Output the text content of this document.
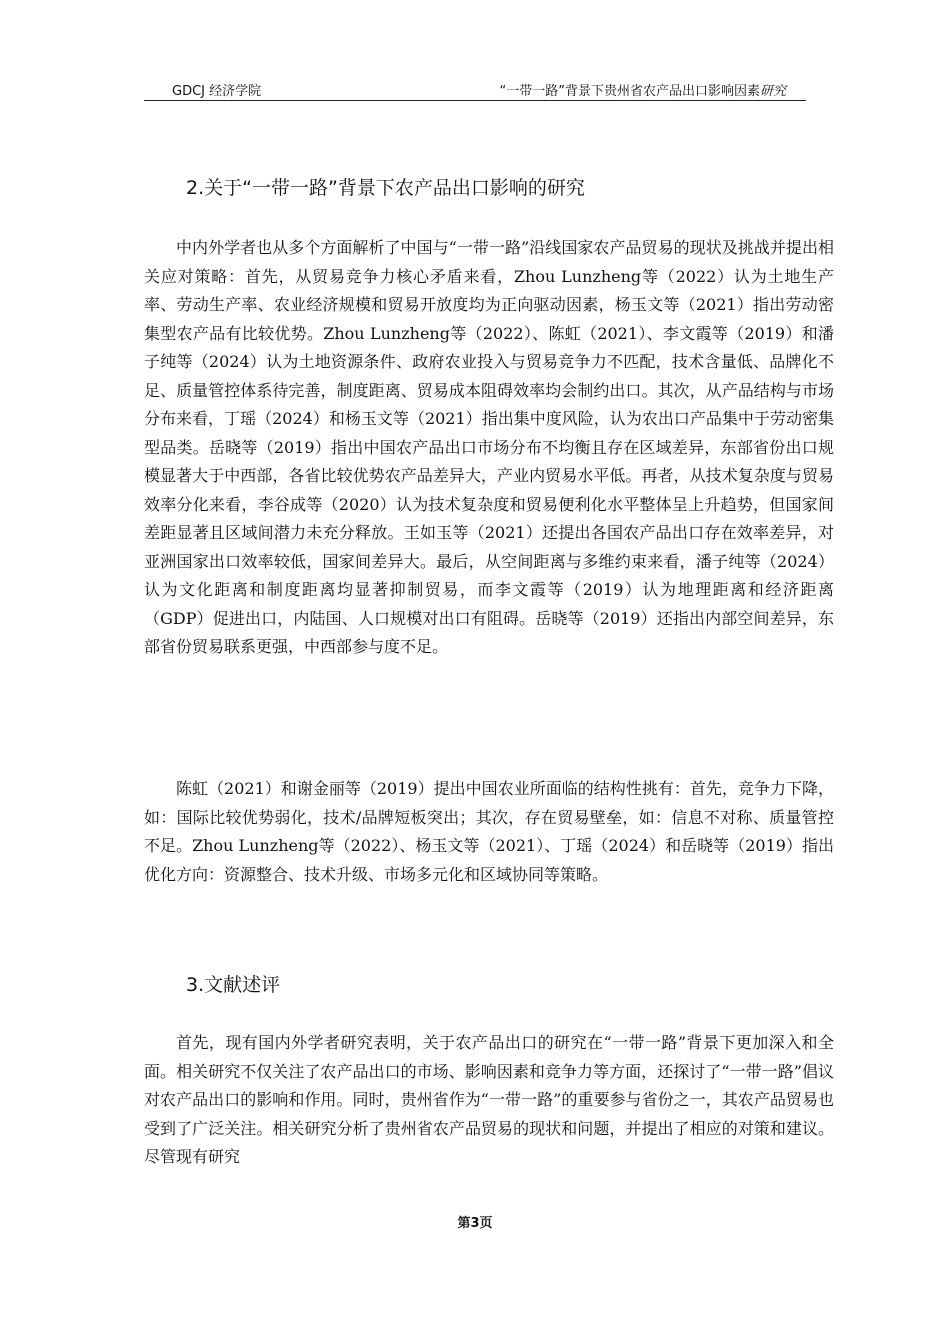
GDCJ 经济学院	“一带一路”背景下贵州省农产品出口影响因素研究
2.关于“一带一路”背景下农产品出口影响的研究

中内外学者也从多个方面解析了中国与“一带一路”沿线国家农产品贸易的现状及挑战并提出相关应对策略：首先，从贸易竞争力核心矛盾来看，Zhou Lunzheng等（2022）认为土地生产率、劳动生产率、农业经济规模和贸易开放度均为正向驱动因素，杨玉文等（2021）指出劳动密集型农产品有比较优势。Zhou Lunzheng等（2022）、陈虹（2021）、李文霞等（2019）和潘子纯等（2024）认为土地资源条件、政府农业投入与贸易竞争力不匹配，技术含量低、品牌化不足、质量管控体系待完善，制度距离、贸易成本阻碍效率均会制约出口。其次，从产品结构与市场分布来看，丁瑶（2024）和杨玉文等（2021）指出集中度风险，认为农出口产品集中于劳动密集型品类。岳晓等（2019）指出中国农产品出口市场分布不均衡且存在区域差异，东部省份出口规模显著大于中西部，各省比较优势农产品差异大，产业内贸易水平低。再者，从技术复杂度与贸易效率分化来看，李谷成等（2020）认为技术复杂度和贸易便利化水平整体呈上升趋势，但国家间差距显著且区域间潜力未充分释放。王如玉等（2021）还提出各国农产品出口存在效率差异，对亚洲国家出口效率较低，国家间差异大。最后，从空间距离与多维约束来看，潘子纯等（2024）认为文化距离和制度距离均显著抑制贸易，而李文霞等（2019）认为地理距离和经济距离（GDP）促进出口，内陆国、人口规模对出口有阻碍。岳晓等（2019）还指出内部空间差异，东部省份贸易联系更强，中西部参与度不足。

陈虹（2021）和谢金丽等（2019）提出中国农业所面临的结构性挑有：首先，竞争力下降，如：国际比较优势弱化，技术/品牌短板突出；其次，存在贸易壁垒，如：信息不对称、质量管控不足。Zhou Lunzheng等（2022）、杨玉文等（2021）、丁瑶（2024）和岳晓等（2019）指出优化方向：资源整合、技术升级、市场多元化和区域协同等策略。

3.文献述评

首先，现有国内外学者研究表明，关于农产品出口的研究在“一带一路”背景下更加深入和全面。相关研究不仅关注了农产品出口的市场、影响因素和竞争力等方面，还探讨了“一带一路”倡议对农产品出口的影响和作用。同时，贵州省作为“一带一路”的重要参与省份之一，其农产品贸易也受到了广泛关注。相关研究分析了贵州省农产品贸易的现状和问题，并提出了相应的对策和建议。尽管现有研究

第3页
